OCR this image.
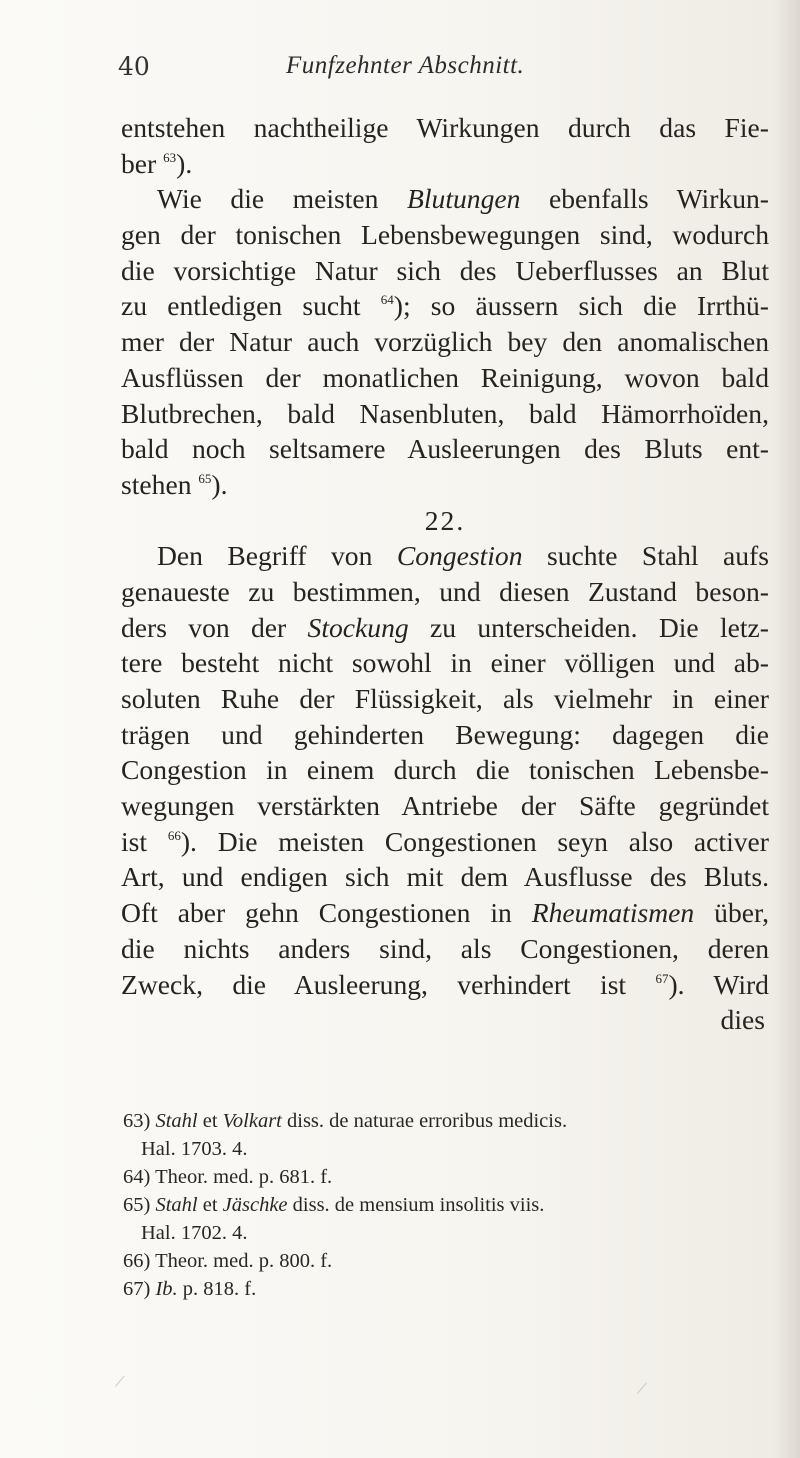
40	Funfzehnter Abschnitt.
entstehen nachtheilige Wirkungen durch das Fie-
ber $^{63}$).
Wie die meisten Blutungen ebenfalls Wirkun-
gen der tonischen Lebensbewegungen sind, wodurch
die vorsichtige Natur sich des Ueberflusses an Blut
zu entledigen sucht $^{64}$); so äussern sich die Irrthü-
mer der Natur auch vorzüglich bey den anomalischen
Ausflüssen der monatlichen Reinigung, wovon bald
Blutbrechen, bald Nasenbluten, bald Hämorrhoïden,
bald noch seltsamere Ausleerungen des Bluts ent-
stehen $^{65}$).
22.
Den Begriff von Congestion suchte Stahl aufs
genaueste zu bestimmen, und diesen Zustand beson-
ders von der Stockung zu unterscheiden. Die letz-
tere besteht nicht sowohl in einer völligen und ab-
soluten Ruhe der Flüssigkeit, als vielmehr in einer
trägen und gehinderten Bewegung: dagegen die
Congestion in einem durch die tonischen Lebensbe-
wegungen verstärkten Antriebe der Säfte gegründet
ist $^{66}$). Die meisten Congestionen seyn also activer
Art, und endigen sich mit dem Ausflusse des Bluts.
Oft aber gehn Congestionen in Rheumatismen über,
die nichts anders sind, als Congestionen, deren
Zweck, die Ausleerung, verhindert ist $^{67}$). Wird
dies
63) Stahl et Volkart diss. de naturae erroribus medicis.
Hal. 1703. 4.
64) Theor. med. p. 681. f.
65) Stahl et Jäschke diss. de mensium insolitis viis.
Hal. 1702. 4.
66) Theor. med. p. 800. f.
67) Ib. p. 818. f.
